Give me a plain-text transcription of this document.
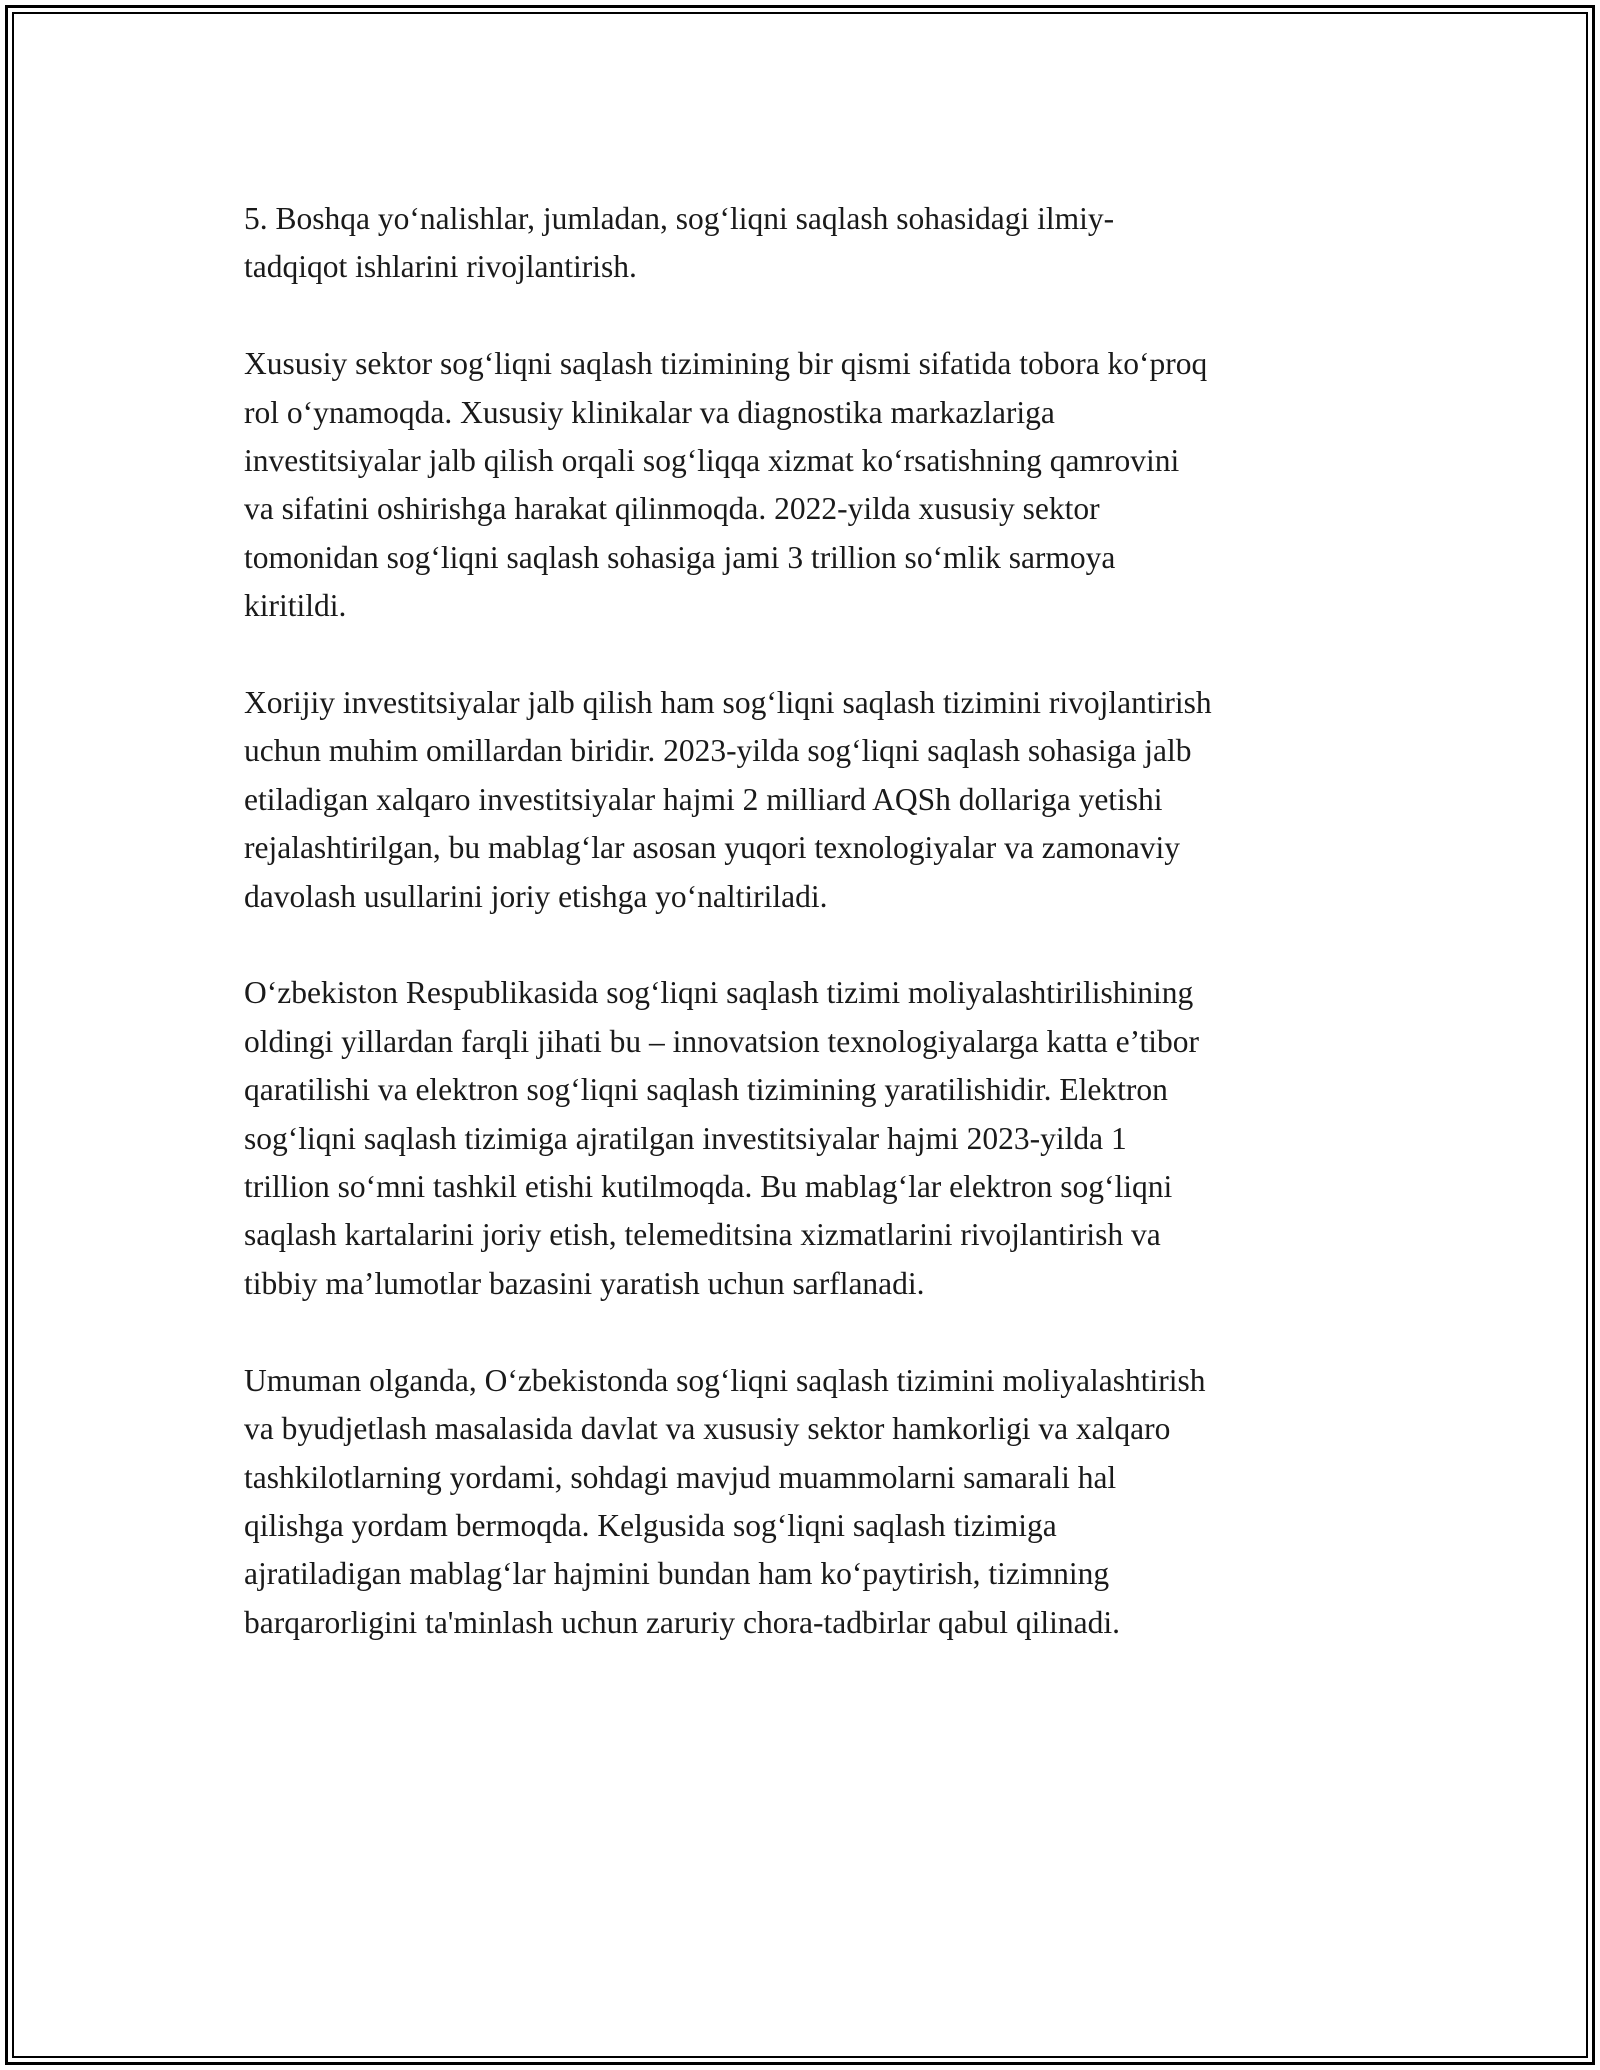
5. Boshqa yo‘nalishlar, jumladan, sog‘liqni saqlash sohasidagi ilmiy-
tadqiqot ishlarini rivojlantirish.

Xususiy sektor sog‘liqni saqlash tizimining bir qismi sifatida tobora ko‘proq
rol o‘ynamoqda. Xususiy klinikalar va diagnostika markazlariga
investitsiyalar jalb qilish orqali sog‘liqqa xizmat ko‘rsatishning qamrovini
va sifatini oshirishga harakat qilinmoqda. 2022-yilda xususiy sektor
tomonidan sog‘liqni saqlash sohasiga jami 3 trillion so‘mlik sarmoya
kiritildi.

Xorijiy investitsiyalar jalb qilish ham sog‘liqni saqlash tizimini rivojlantirish
uchun muhim omillardan biridir. 2023-yilda sog‘liqni saqlash sohasiga jalb
etiladigan xalqaro investitsiyalar hajmi 2 milliard AQSh dollariga yetishi
rejalashtirilgan, bu mablag‘lar asosan yuqori texnologiyalar va zamonaviy
davolash usullarini joriy etishga yo‘naltiriladi.

O‘zbekiston Respublikasida sog‘liqni saqlash tizimi moliyalashtirilishining
oldingi yillardan farqli jihati bu – innovatsion texnologiyalarga katta e’tibor
qaratilishi va elektron sog‘liqni saqlash tizimining yaratilishidir. Elektron
sog‘liqni saqlash tizimiga ajratilgan investitsiyalar hajmi 2023-yilda 1
trillion so‘mni tashkil etishi kutilmoqda. Bu mablag‘lar elektron sog‘liqni
saqlash kartalarini joriy etish, telemeditsina xizmatlarini rivojlantirish va
tibbiy ma’lumotlar bazasini yaratish uchun sarflanadi.

Umuman olganda, O‘zbekistonda sog‘liqni saqlash tizimini moliyalashtirish
va byudjetlash masalasida davlat va xususiy sektor hamkorligi va xalqaro
tashkilotlarning yordami, sohdagi mavjud muammolarni samarali hal
qilishga yordam bermoqda. Kelgusida sog‘liqni saqlash tizimiga
ajratiladigan mablag‘lar hajmini bundan ham ko‘paytirish, tizimning
barqarorligini ta'minlash uchun zaruriy chora-tadbirlar qabul qilinadi.
